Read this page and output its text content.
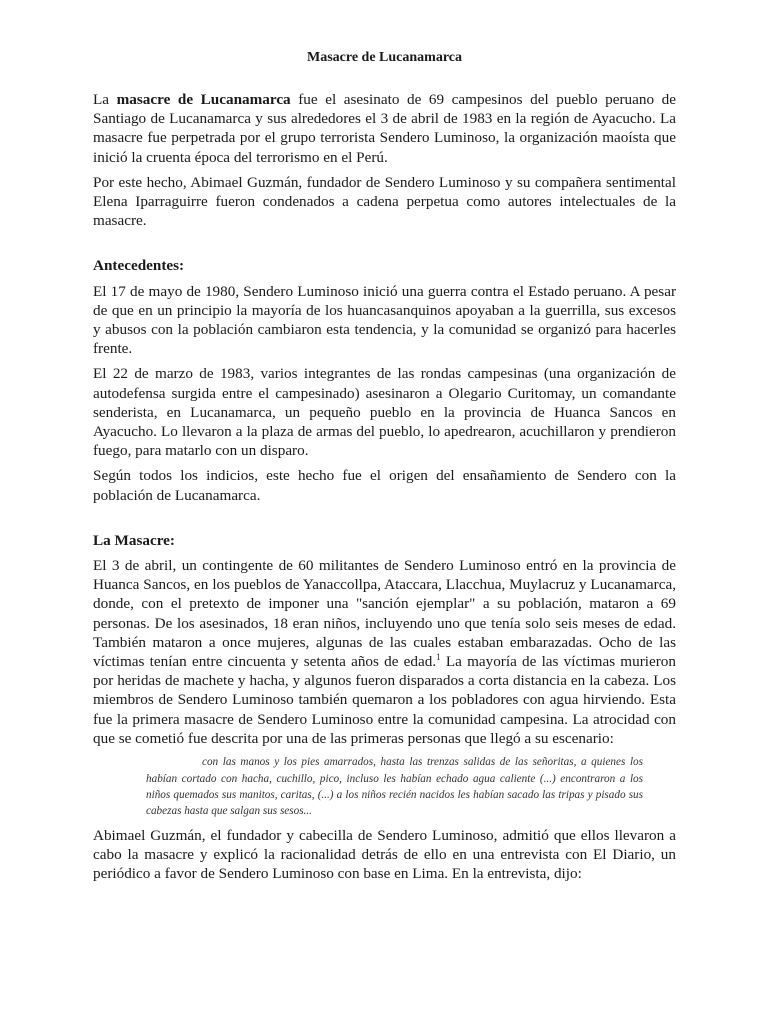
Masacre de Lucanamarca

La masacre de Lucanamarca fue el asesinato de 69 campesinos del pueblo peruano de Santiago de Lucanamarca y sus alrededores el 3 de abril de 1983 en la región de Ayacucho. La masacre fue perpetrada por el grupo terrorista Sendero Luminoso, la organización maoísta que inició la cruenta época del terrorismo en el Perú.

Por este hecho, Abimael Guzmán, fundador de Sendero Luminoso y su compañera sentimental Elena Iparraguirre fueron condenados a cadena perpetua como autores intelectuales de la masacre.

Antecedentes:

El 17 de mayo de 1980, Sendero Luminoso inició una guerra contra el Estado peruano. A pesar de que en un principio la mayoría de los huancasanquinos apoyaban a la guerrilla, sus excesos y abusos con la población cambiaron esta tendencia, y la comunidad se organizó para hacerles frente.

El 22 de marzo de 1983, varios integrantes de las rondas campesinas (una organización de autodefensa surgida entre el campesinado) asesinaron a Olegario Curitomay, un comandante senderista, en Lucanamarca, un pequeño pueblo en la provincia de Huanca Sancos en Ayacucho. Lo llevaron a la plaza de armas del pueblo, lo apedrearon, acuchillaron y prendieron fuego, para matarlo con un disparo.

Según todos los indicios, este hecho fue el origen del ensañamiento de Sendero con la población de Lucanamarca.

La Masacre:

El 3 de abril, un contingente de 60 militantes de Sendero Luminoso entró en la provincia de Huanca Sancos, en los pueblos de Yanaccollpa, Ataccara, Llacchua, Muylacruz y Lucanamarca, donde, con el pretexto de imponer una "sanción ejemplar" a su población, mataron a 69 personas. De los asesinados, 18 eran niños, incluyendo uno que tenía solo seis meses de edad. También mataron a once mujeres, algunas de las cuales estaban embarazadas. Ocho de las víctimas tenían entre cincuenta y setenta años de edad.$^1$ La mayoría de las víctimas murieron por heridas de machete y hacha, y algunos fueron disparados a corta distancia en la cabeza. Los miembros de Sendero Luminoso también quemaron a los pobladores con agua hirviendo. Esta fue la primera masacre de Sendero Luminoso entre la comunidad campesina. La atrocidad con que se cometió fue descrita por una de las primeras personas que llegó a su escenario:

con las manos y los pies amarrados, hasta las trenzas salidas de las señoritas, a quienes los habían cortado con hacha, cuchillo, pico, incluso les habían echado agua caliente (...) encontraron a los niños quemados sus manitos, caritas, (...) a los niños recién nacidos les habían sacado las tripas y pisado sus cabezas hasta que salgan sus sesos...

Abimael Guzmán, el fundador y cabecilla de Sendero Luminoso, admitió que ellos llevaron a cabo la masacre y explicó la racionalidad detrás de ello en una entrevista con El Diario, un periódico a favor de Sendero Luminoso con base en Lima. En la entrevista, dijo:
